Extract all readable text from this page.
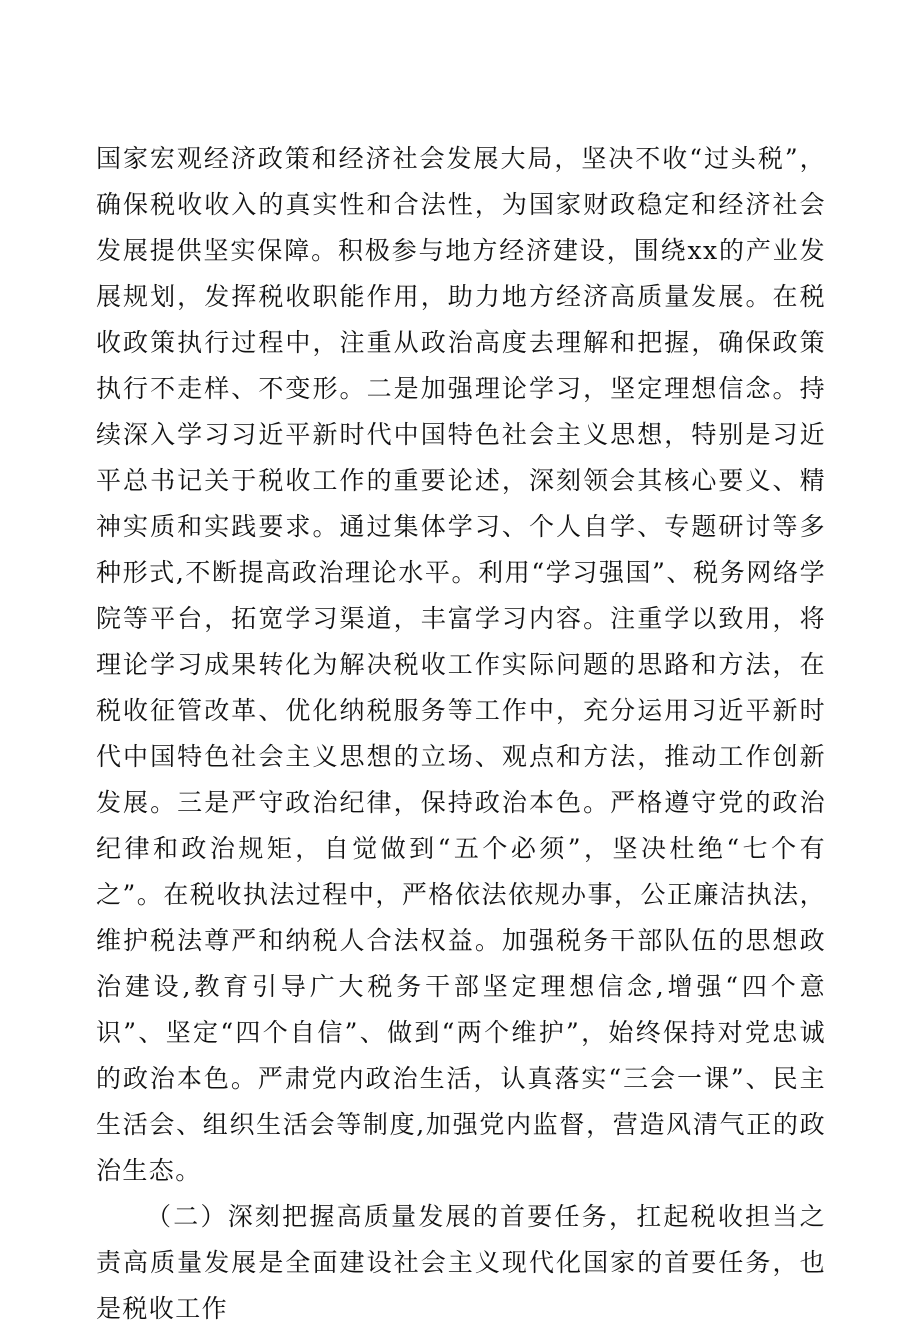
国家宏观经济政策和经济社会发展大局，坚决不收“过头税”，确保税收收入的真实性和合法性，为国家财政稳定和经济社会发展提供坚实保障。积极参与地方经济建设，围绕xx的产业发展规划，发挥税收职能作用，助力地方经济高质量发展。在税收政策执行过程中，注重从政治高度去理解和把握，确保政策执行不走样、不变形。二是加强理论学习，坚定理想信念。持续深入学习习近平新时代中国特色社会主义思想，特别是习近平总书记关于税收工作的重要论述，深刻领会其核心要义、精神实质和实践要求。通过集体学习、个人自学、专题研讨等多种形式,不断提高政治理论水平。利用“学习强国”、税务网络学院等平台，拓宽学习渠道，丰富学习内容。注重学以致用，将理论学习成果转化为解决税收工作实际问题的思路和方法，在税收征管改革、优化纳税服务等工作中，充分运用习近平新时代中国特色社会主义思想的立场、观点和方法，推动工作创新发展。三是严守政治纪律，保持政治本色。严格遵守党的政治纪律和政治规矩，自觉做到“五个必须”，坚决杜绝“七个有之”。在税收执法过程中，严格依法依规办事，公正廉洁执法，维护税法尊严和纳税人合法权益。加强税务干部队伍的思想政治建设,教育引导广大税务干部坚定理想信念,增强“四个意识”、坚定“四个自信”、做到“两个维护”，始终保持对党忠诚的政治本色。严肃党内政治生活，认真落实“三会一课”、民主生活会、组织生活会等制度,加强党内监督，营造风清气正的政治生态。

（二）深刻把握高质量发展的首要任务，扛起税收担当之责高质量发展是全面建设社会主义现代化国家的首要任务，也是税收工作
